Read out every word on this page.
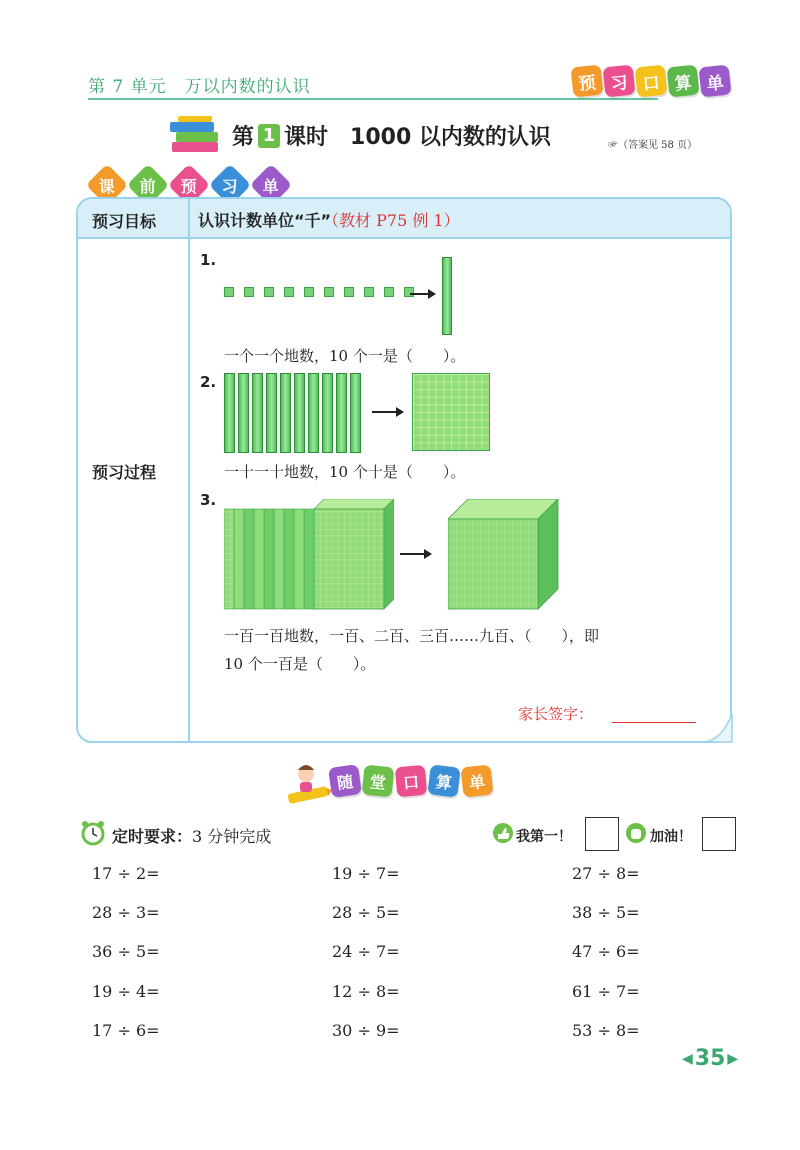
第 7 单元　万以内数的认识	预 习 口 算 单
第 1 课时　1000 以内数的认识	☞（答案见 58 页）
课 前 预 习 单
预习目标	认识计数单位“千”（教材 P75 例 1）
预习过程
1.
一个一个地数，10 个一是（　　）。
2.
一十一十地数，10 个十是（　　）。
3.
一百一百地数，一百、二百、三百……九百、（　　），即
10 个一百是（　　）。
家长签字：
随 堂 口 算 单
定时要求：3 分钟完成	我第一！	加油！
17 ÷ 2=	19 ÷ 7=	27 ÷ 8=
28 ÷ 3=	28 ÷ 5=	38 ÷ 5=
36 ÷ 5=	24 ÷ 7=	47 ÷ 6=
19 ÷ 4=	12 ÷ 8=	61 ÷ 7=
17 ÷ 6=	30 ÷ 9=	53 ÷ 8=
◀ 35 ▶
